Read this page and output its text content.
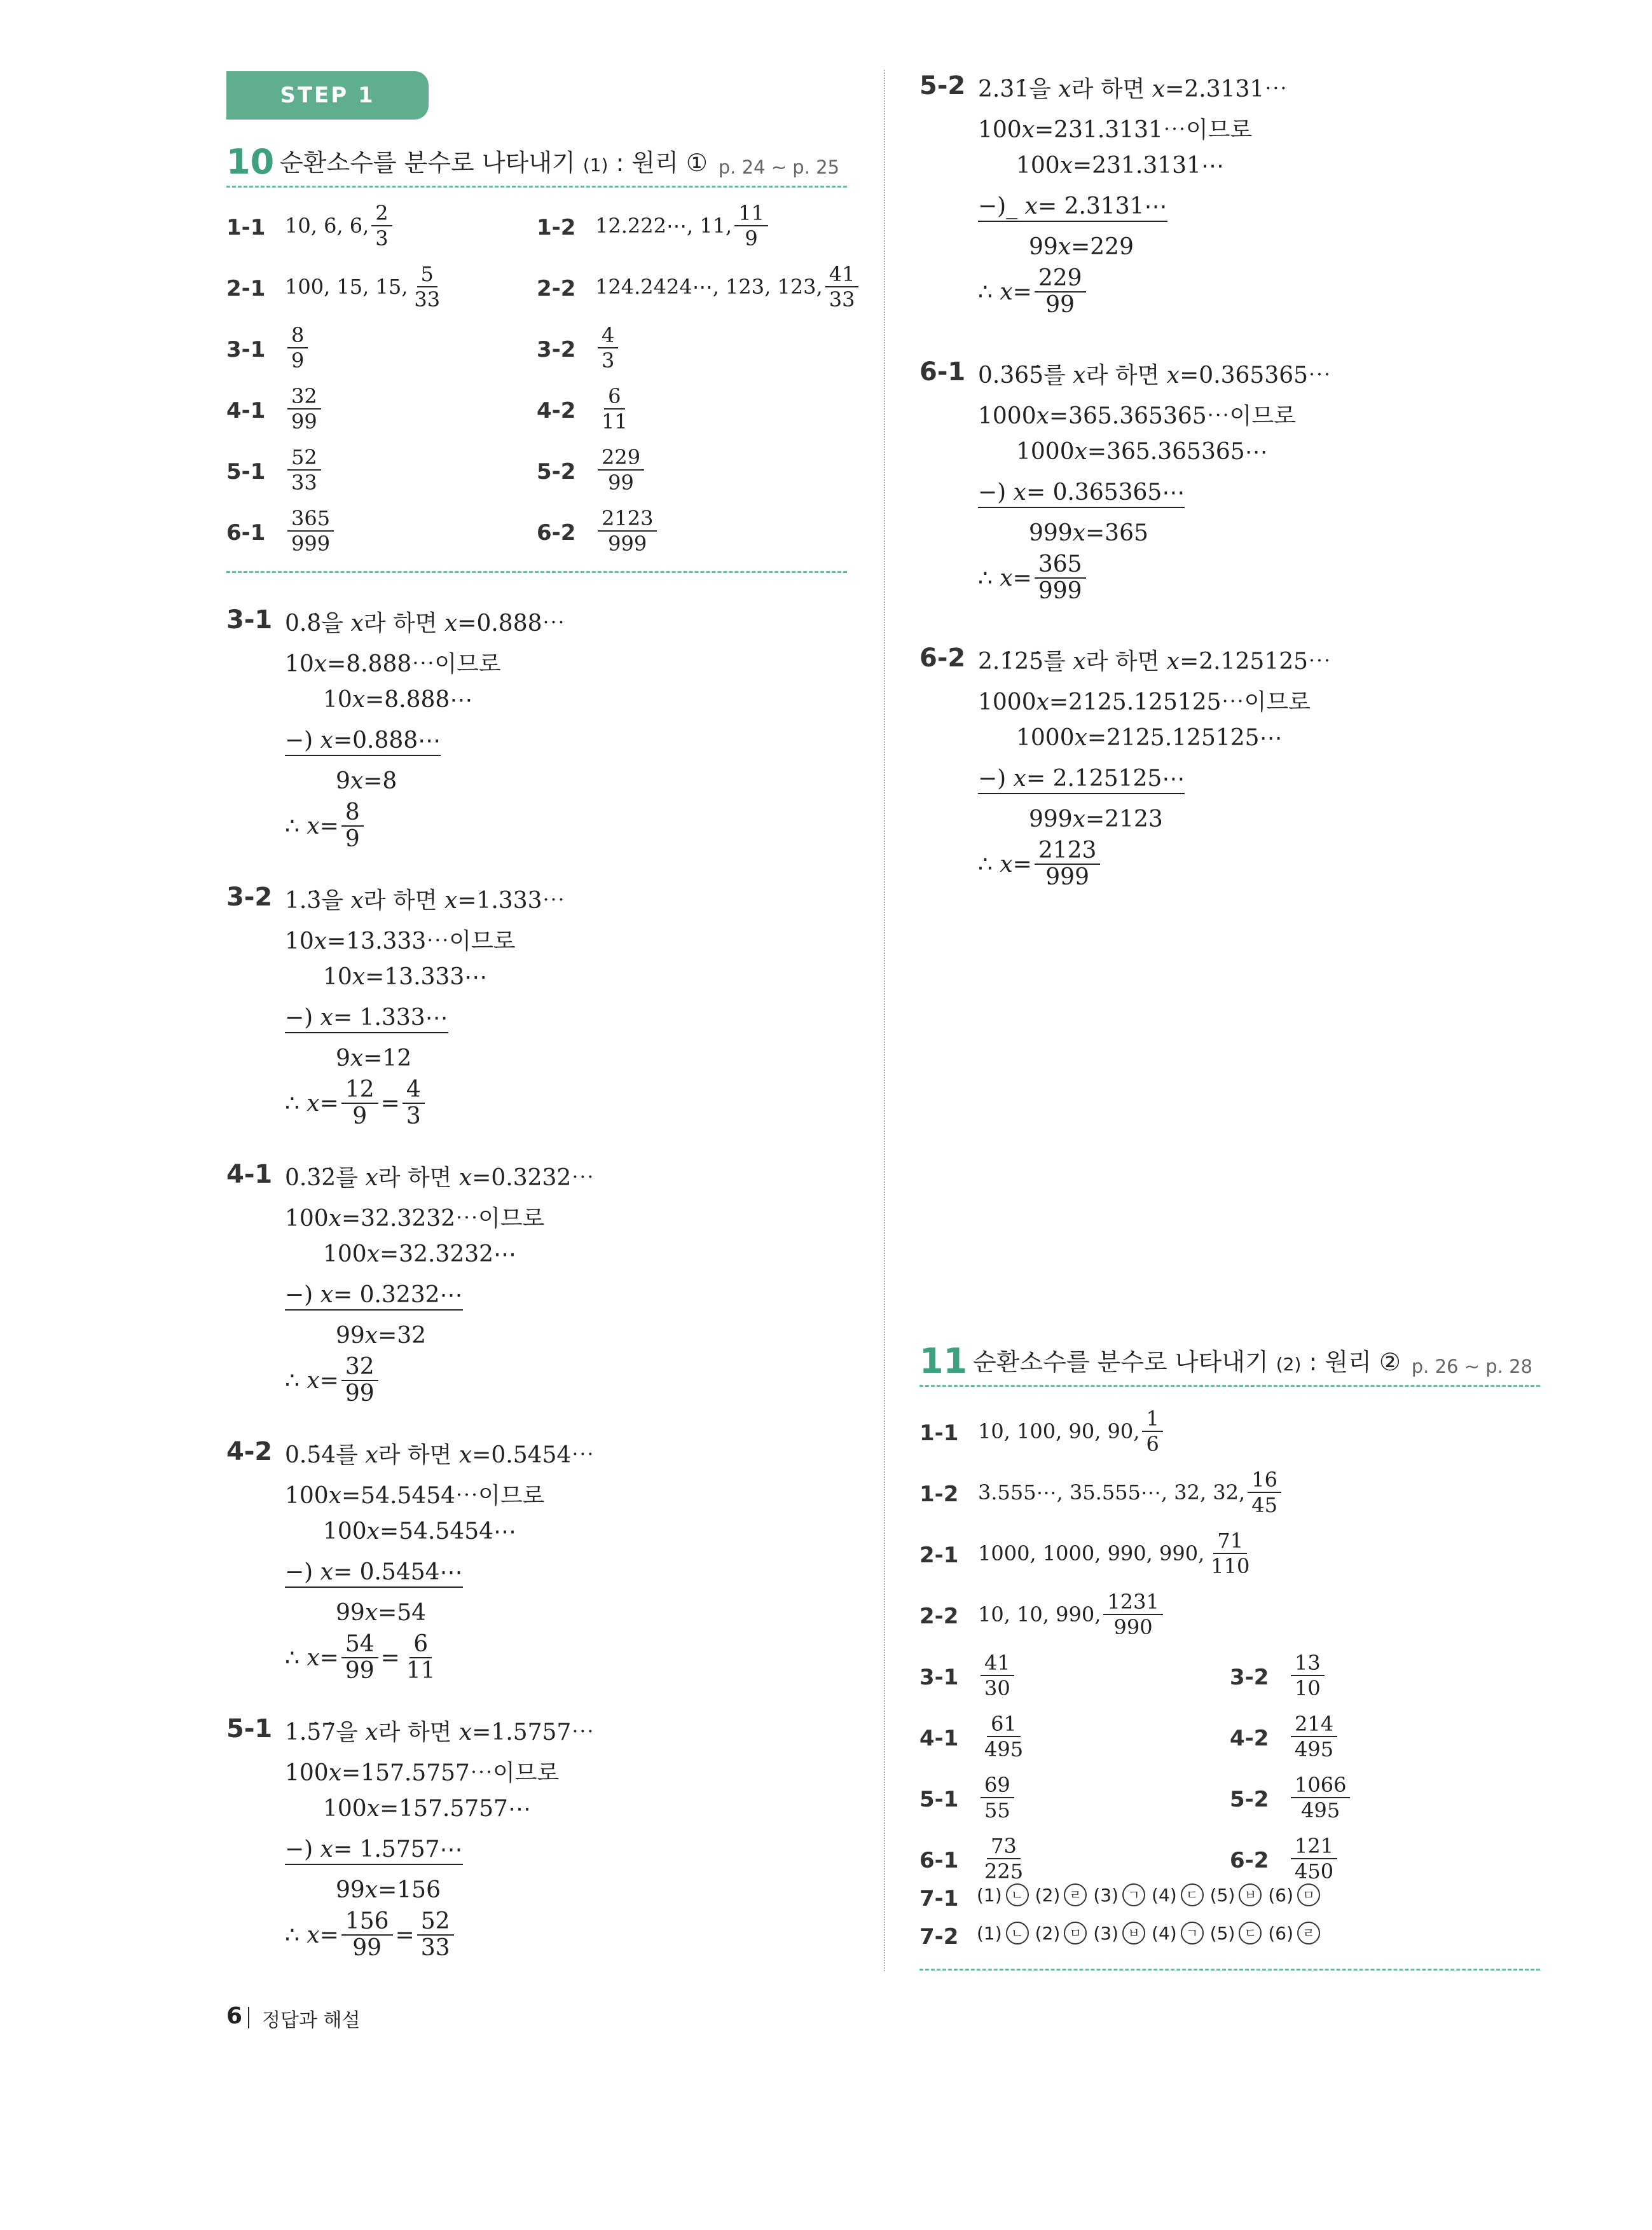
STEP 1
10 순환소수를 분수로 나타내기 (1) : 원리 ① p. 24 ~ p. 25
1-1 10, 6, 6, $\frac{2}{3}$	1-2 12.222⋯, 11, $\frac{11}{9}$
2-1 100, 15, 15, $\frac{5}{33}$	2-2 124.2424⋯, 123, 123, $\frac{41}{33}$
$3-1 \frac{8}{9}$	$3-2 \frac{4}{3}$
$4-1 \frac{32}{99}$	$4-2 \frac{6}{11}$
$5-1 \frac{52}{33}$	$5-2 \frac{229}{99}$
$6-1 \frac{365}{999}$	$6-2 \frac{2123}{999}$
11 순환소수를 분수로 나타내기 (2) : 원리 ② p. 26 ~ p. 28
1-1 10, 100, 90, 90, $\frac{1}{6}$
1-2 3.555⋯, 35.555⋯, 32, 32, $\frac{16}{45}$
2-1 1000, 1000, 990, 990, $\frac{71}{110}$
2-2 10, 10, 990, $\frac{1231}{990}$
$3-1 \frac{41}{30}$	$3-2 \frac{13}{10}$
$4-1 \frac{61}{495}$	$4-2 \frac{214}{495}$
$5-1 \frac{69}{55}$	$5-2 \frac{1066}{495}$
$6-1 \frac{73}{225}$	$6-2 \frac{121}{450}$
7-1 (1) ㄴ (2) ㄹ (3) ㄱ (4) ㄷ (5) ㅂ (6) ㅁ
7-2 (1) ㄴ (2) ㅁ (3) ㅂ (4) ㄱ (5) ㄷ (6) ㄹ
3-1 0.8̇을 𝑥라 하면 𝑥=0.888⋯
10𝑥=8.888⋯이므로
10𝑥=8.888⋯
−) 𝑥=0.888⋯
9𝑥=8
∴ 𝑥= $\frac{8}{9}$
3-2 1.3̇을 𝑥라 하면 𝑥=1.333⋯
10𝑥=13.333⋯이므로
10𝑥=13.333⋯
−) 𝑥= 1.333⋯
9𝑥=12
∴ 𝑥= $\frac{12}{9} = \frac{4}{3}$
4-1 0.3̇2̇를 𝑥라 하면 𝑥=0.3232⋯
100𝑥=32.3232⋯이므로
100𝑥=32.3232⋯
−) 𝑥= 0.3232⋯
99𝑥=32
∴ 𝑥= $\frac{32}{99}$
4-2 0.5̇4̇를 𝑥라 하면 𝑥=0.5454⋯
100𝑥=54.5454⋯이므로
100𝑥=54.5454⋯
−) 𝑥= 0.5454⋯
99𝑥=54
∴ 𝑥= $\frac{54}{99} = \frac{6}{11}$
5-1 1.5̇7̇을 𝑥라 하면 𝑥=1.5757⋯
100𝑥=157.5757⋯이므로
100𝑥=157.5757⋯
−) 𝑥= 1.5757⋯
99𝑥=156
∴ 𝑥= $\frac{156}{99} = \frac{52}{33}$
5-2 2.3̇1̇을 𝑥라 하면 𝑥=2.3131⋯
100𝑥=231.3131⋯이므로
100𝑥=231.3131⋯
−)_ 𝑥= 2.3131⋯
99𝑥=229
∴ 𝑥= $\frac{229}{99}$
6-1 0.3̇65̇를 𝑥라 하면 𝑥=0.365365⋯
1000𝑥=365.365365⋯이므로
1000𝑥=365.365365⋯
−) 𝑥= 0.365365⋯
999𝑥=365
∴ 𝑥= $\frac{365}{999}$
6-2 2.1̇25̇를 𝑥라 하면 𝑥=2.125125⋯
1000𝑥=2125.125125⋯이므로
1000𝑥=2125.125125⋯
−) 𝑥= 2.125125⋯
999𝑥=2123
∴ 𝑥= $\frac{2123}{999}$
6 정답과 해설
